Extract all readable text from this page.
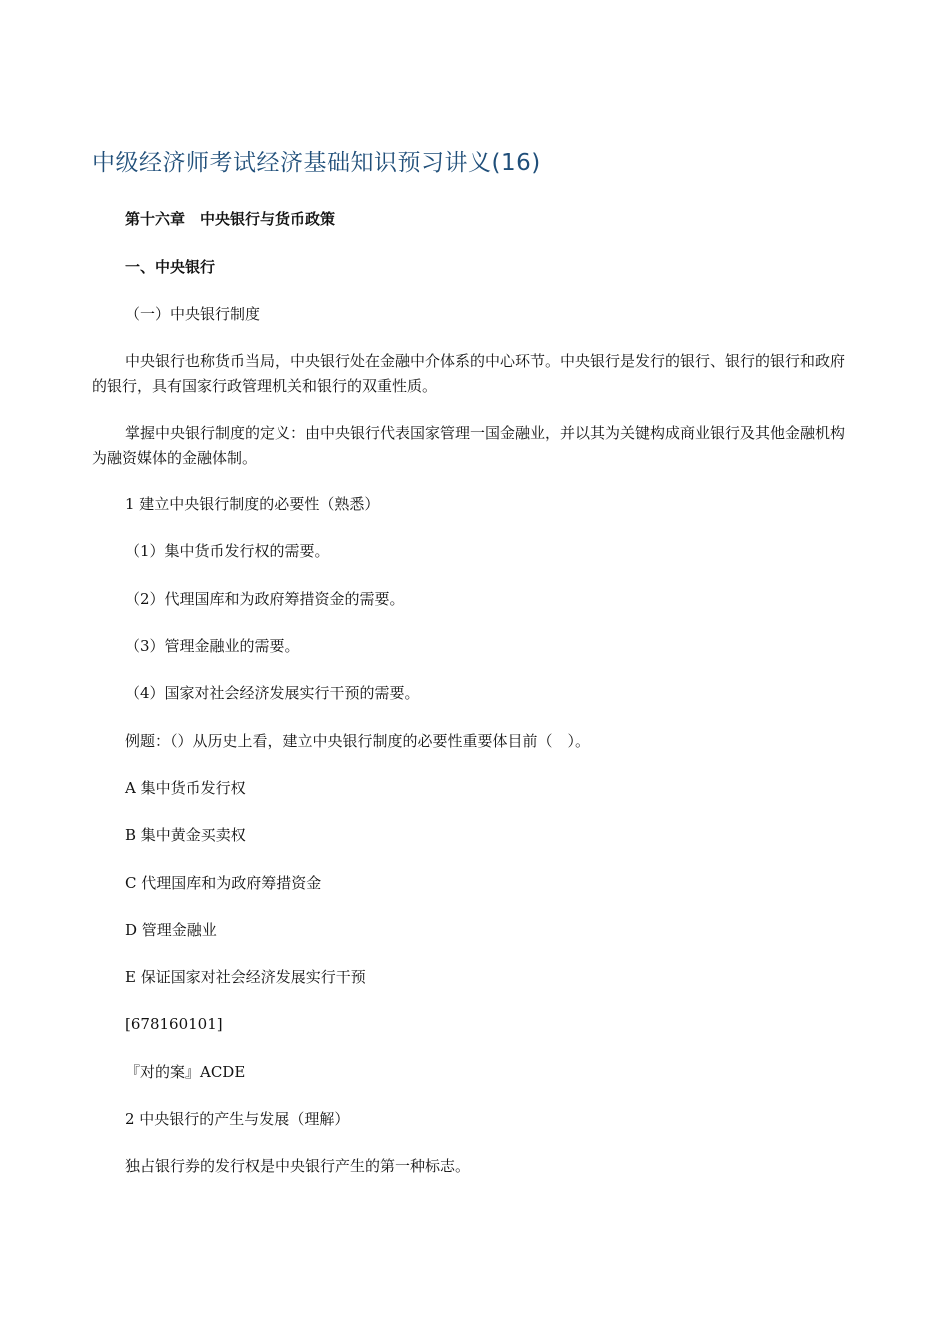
中级经济师考试经济基础知识预习讲义(16)

第十六章　中央银行与货币政策

一、中央银行

（一）中央银行制度

中央银行也称货币当局，中央银行处在金融中介体系的中心环节。中央银行是发行的银行、银行的银行和政府的银行，具有国家行政管理机关和银行的双重性质。

掌握中央银行制度的定义：由中央银行代表国家管理一国金融业，并以其为关键构成商业银行及其他金融机构为融资媒体的金融体制。

1 建立中央银行制度的必要性（熟悉）

（1）集中货币发行权的需要。

（2）代理国库和为政府筹措资金的需要。

（3）管理金融业的需要。

（4）国家对社会经济发展实行干预的需要。

例题：（）从历史上看，建立中央银行制度的必要性重要体目前（　）。

A 集中货币发行权

B 集中黄金买卖权

C 代理国库和为政府筹措资金

D 管理金融业

E 保证国家对社会经济发展实行干预

[678160101]

『对的案』ACDE

2 中央银行的产生与发展（理解）

独占银行券的发行权是中央银行产生的第一种标志。
